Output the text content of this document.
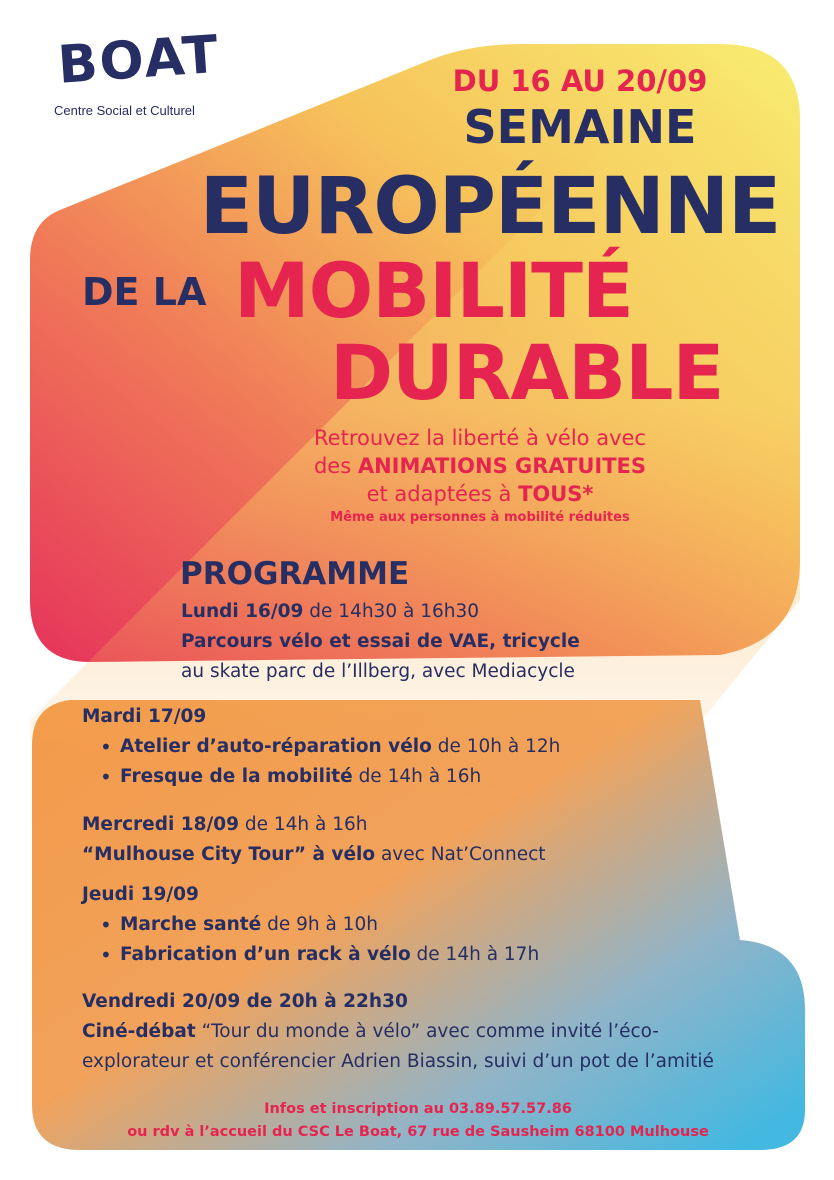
BOAT
Centre Social et Culturel
DU 16 AU 20/09
SEMAINE
EUROPÉENNE
DE LA MOBILITÉ
DURABLE
Retrouvez la liberté à vélo avec
des ANIMATIONS GRATUITES
et adaptées à TOUS*
Même aux personnes à mobilité réduites
PROGRAMME
Lundi 16/09 de 14h30 à 16h30
Parcours vélo et essai de VAE, tricycle
au skate parc de l’Illberg, avec Mediacycle
Mardi 17/09
• Atelier d’auto-réparation vélo de 10h à 12h
• Fresque de la mobilité de 14h à 16h
Mercredi 18/09 de 14h à 16h
“Mulhouse City Tour” à vélo avec Nat’Connect
Jeudi 19/09
• Marche santé de 9h à 10h
• Fabrication d’un rack à vélo de 14h à 17h
Vendredi 20/09 de 20h à 22h30
Ciné-débat “Tour du monde à vélo” avec comme invité l’éco-
explorateur et conférencier Adrien Biassin, suivi d’un pot de l’amitié
Infos et inscription au 03.89.57.57.86
ou rdv à l’accueil du CSC Le Boat, 67 rue de Sausheim 68100 Mulhouse
